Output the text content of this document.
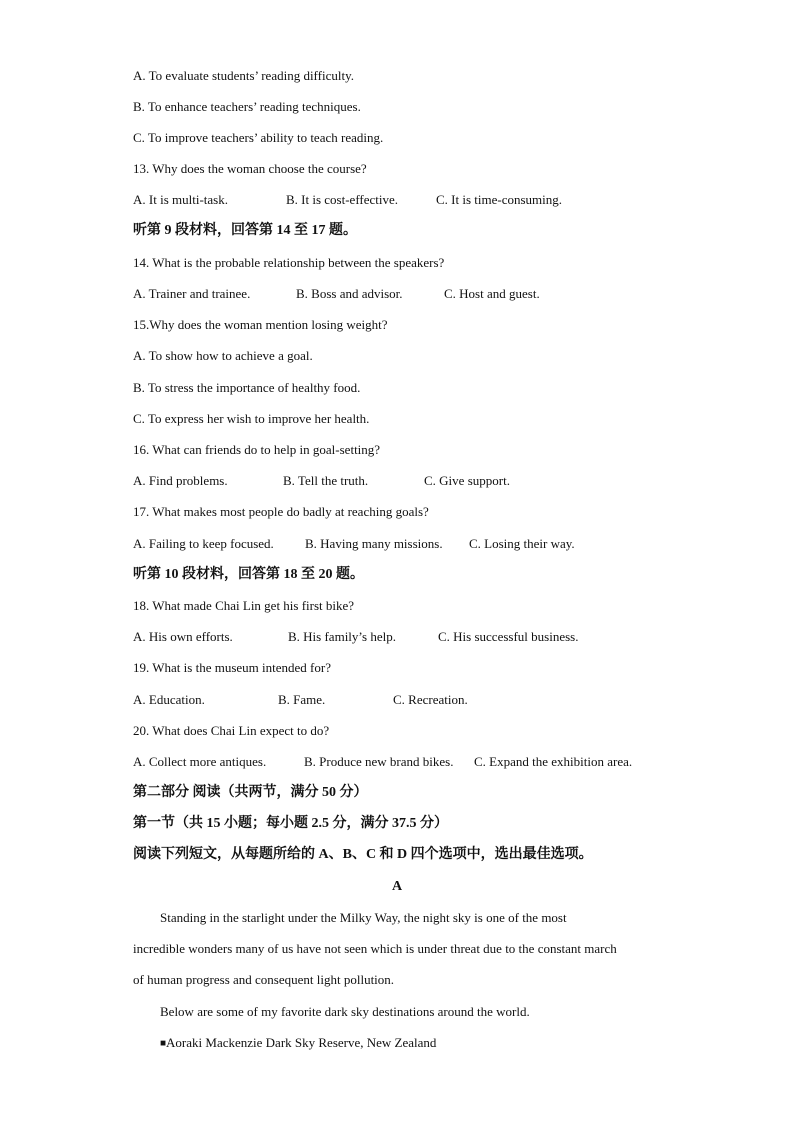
A. To evaluate students’ reading difficulty.
B. To enhance teachers’ reading techniques.
C. To improve teachers’ ability to teach reading.
13. Why does the woman choose the course?
A. It is multi-task.	B. It is cost-effective.	C. It is time-consuming.
听第 9 段材料，回答第 14 至 17 题。
14. What is the probable relationship between the speakers?
A. Trainer and trainee.	B. Boss and advisor.	C. Host and guest.
15.Why does the woman mention losing weight?
A. To show how to achieve a goal.
B. To stress the importance of healthy food.
C. To express her wish to improve her health.
16. What can friends do to help in goal-setting?
A. Find problems.	B. Tell the truth.	C. Give support.
17. What makes most people do badly at reaching goals?
A. Failing to keep focused. B. Having many missions. C. Losing their way.
听第 10 段材料，回答第 18 至 20 题。
18. What made Chai Lin get his first bike?
A. His own efforts.	B. His family’s help.	C. His successful business.
19. What is the museum intended for?
A. Education.	B. Fame.	C. Recreation.
20. What does Chai Lin expect to do?
A. Collect more antiques.	B. Produce new brand bikes. C. Expand the exhibition area.
第二部分 阅读（共两节，满分 50 分）
第一节（共 15 小题；每小题 2.5 分，满分 37.5 分）
阅读下列短文，从每题所给的 A、B、C 和 D 四个选项中，选出最佳选项。
A
Standing in the starlight under the Milky Way, the night sky is one of the most
incredible wonders many of us have not seen which is under threat due to the constant march
of human progress and consequent light pollution.
Below are some of my favorite dark sky destinations around the world.
■Aoraki Mackenzie Dark Sky Reserve, New Zealand
